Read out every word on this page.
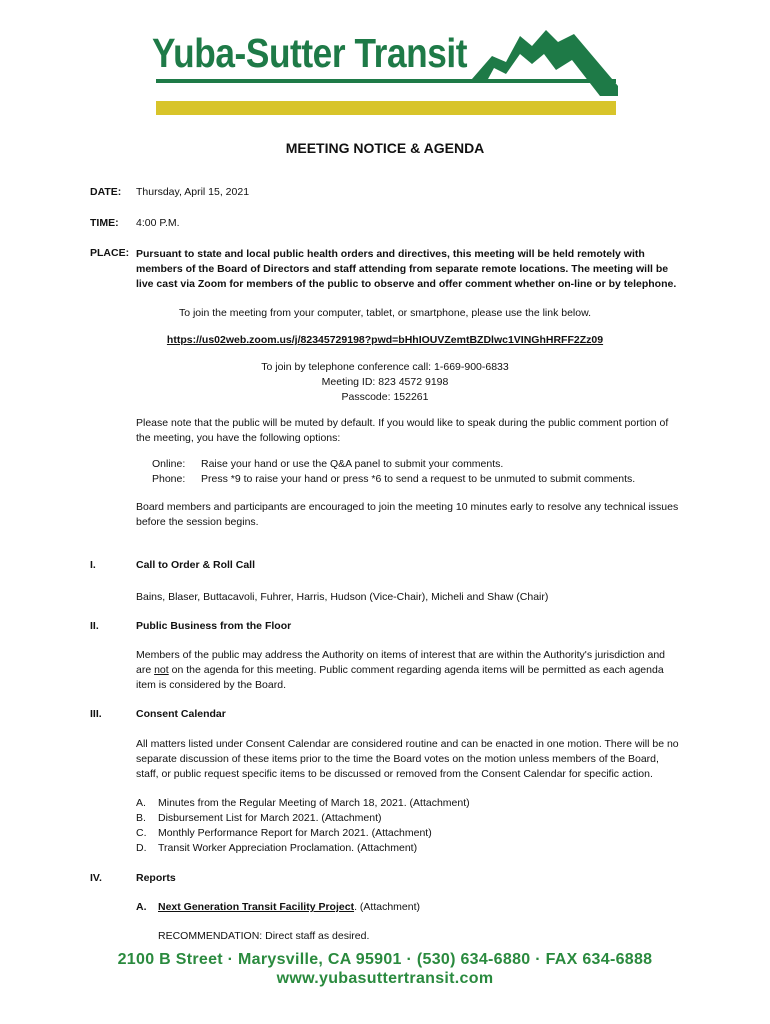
Yuba-Sutter Transit
MEETING NOTICE & AGENDA
DATE: Thursday, April 15, 2021
TIME: 4:00 P.M.
PLACE: Pursuant to state and local public health orders and directives, this meeting will be held remotely with members of the Board of Directors and staff attending from separate remote locations. The meeting will be live cast via Zoom for members of the public to observe and offer comment whether on-line or by telephone.
To join the meeting from your computer, tablet, or smartphone, please use the link below.
https://us02web.zoom.us/j/82345729198?pwd=bHhIOUVZemtBZDlwc1VINGhHRFF2Zz09
To join by telephone conference call: 1-669-900-6833
Meeting ID: 823 4572 9198
Passcode: 152261
Please note that the public will be muted by default. If you would like to speak during the public comment portion of the meeting, you have the following options:
Online: Raise your hand or use the Q&A panel to submit your comments.
Phone: Press *9 to raise your hand or press *6 to send a request to be unmuted to submit comments.
Board members and participants are encouraged to join the meeting 10 minutes early to resolve any technical issues before the session begins.
I.	Call to Order & Roll Call
Bains, Blaser, Buttacavoli, Fuhrer, Harris, Hudson (Vice-Chair), Micheli and Shaw (Chair)
II.	Public Business from the Floor
Members of the public may address the Authority on items of interest that are within the Authority's jurisdiction and are not on the agenda for this meeting. Public comment regarding agenda items will be permitted as each agenda item is considered by the Board.
III.	Consent Calendar
All matters listed under Consent Calendar are considered routine and can be enacted in one motion. There will be no separate discussion of these items prior to the time the Board votes on the motion unless members of the Board, staff, or public request specific items to be discussed or removed from the Consent Calendar for specific action.
A. Minutes from the Regular Meeting of March 18, 2021. (Attachment)
B. Disbursement List for March 2021. (Attachment)
C. Monthly Performance Report for March 2021. (Attachment)
D. Transit Worker Appreciation Proclamation. (Attachment)
IV.	Reports
A. Next Generation Transit Facility Project. (Attachment)
RECOMMENDATION: Direct staff as desired.
2100 B Street · Marysville, CA 95901 · (530) 634-6880 · FAX 634-6888
www.yubasuttertransit.com
